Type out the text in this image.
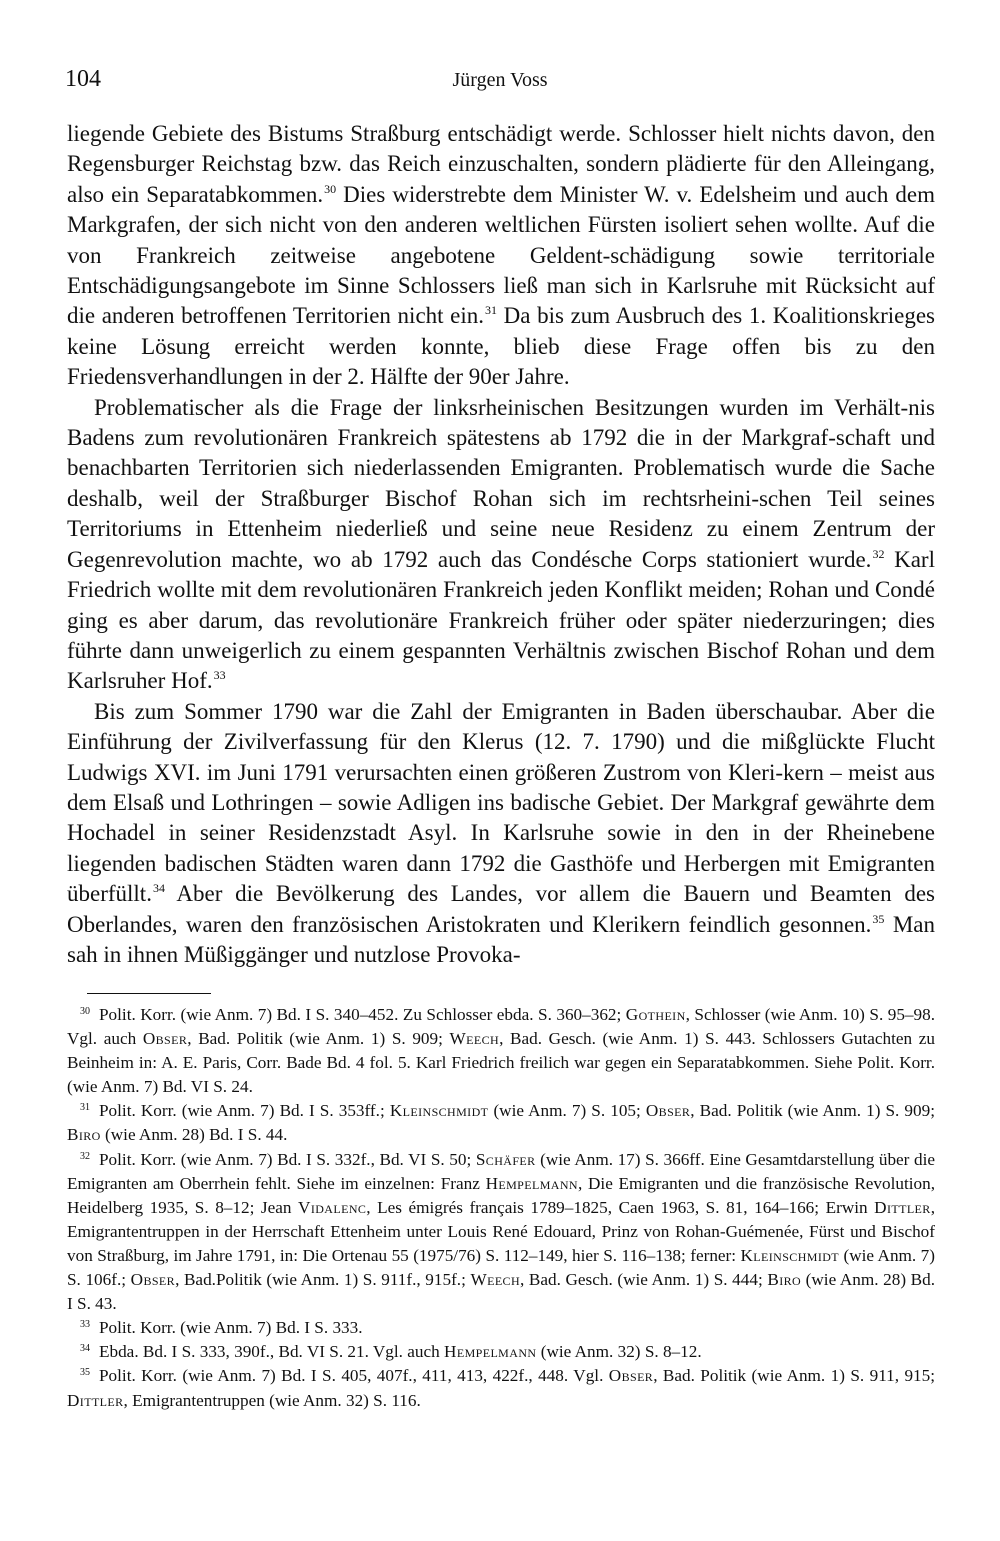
104	Jürgen Voss

liegende Gebiete des Bistums Straßburg entschädigt werde. Schlosser hielt nichts davon, den Regensburger Reichstag bzw. das Reich einzuschalten, sondern plädierte für den Alleingang, also ein Separatabkommen.$^{30}$ Dies widerstrebte dem Minister W. v. Edelsheim und auch dem Markgrafen, der sich nicht von den anderen weltlichen Fürsten isoliert sehen wollte. Auf die von Frankreich zeitweise angebotene Geldent-schädigung sowie territoriale Entschädigungsangebote im Sinne Schlossers ließ man sich in Karlsruhe mit Rücksicht auf die anderen betroffenen Territorien nicht ein.$^{31}$ Da bis zum Ausbruch des 1. Koalitionskrieges keine Lösung erreicht werden konnte, blieb diese Frage offen bis zu den Friedensverhandlungen in der 2. Hälfte der 90er Jahre.

Problematischer als die Frage der linksrheinischen Besitzungen wurden im Verhält-nis Badens zum revolutionären Frankreich spätestens ab 1792 die in der Markgraf-schaft und benachbarten Territorien sich niederlassenden Emigranten. Problematisch wurde die Sache deshalb, weil der Straßburger Bischof Rohan sich im rechtsrheini-schen Teil seines Territoriums in Ettenheim niederließ und seine neue Residenz zu einem Zentrum der Gegenrevolution machte, wo ab 1792 auch das Condésche Corps stationiert wurde.$^{32}$ Karl Friedrich wollte mit dem revolutionären Frankreich jeden Konflikt meiden; Rohan und Condé ging es aber darum, das revolutionäre Frankreich früher oder später niederzuringen; dies führte dann unweigerlich zu einem gespannten Verhältnis zwischen Bischof Rohan und dem Karlsruher Hof.$^{33}$

Bis zum Sommer 1790 war die Zahl der Emigranten in Baden überschaubar. Aber die Einführung der Zivilverfassung für den Klerus (12. 7. 1790) und die mißglückte Flucht Ludwigs XVI. im Juni 1791 verursachten einen größeren Zustrom von Kleri-kern – meist aus dem Elsaß und Lothringen – sowie Adligen ins badische Gebiet. Der Markgraf gewährte dem Hochadel in seiner Residenzstadt Asyl. In Karlsruhe sowie in den in der Rheinebene liegenden badischen Städten waren dann 1792 die Gasthöfe und Herbergen mit Emigranten überfüllt.$^{34}$ Aber die Bevölkerung des Landes, vor allem die Bauern und Beamten des Oberlandes, waren den französischen Aristokraten und Klerikern feindlich gesonnen.$^{35}$ Man sah in ihnen Müßiggänger und nutzlose Provoka-

$^{30}$ Polit. Korr. (wie Anm. 7) Bd. I S. 340–452. Zu Schlosser ebda. S. 360–362; Gothein, Schlosser (wie Anm. 10) S. 95–98. Vgl. auch Obser, Bad. Politik (wie Anm. 1) S. 909; Weech, Bad. Gesch. (wie Anm. 1) S. 443. Schlossers Gutachten zu Beinheim in: A. E. Paris, Corr. Bade Bd. 4 fol. 5. Karl Friedrich freilich war gegen ein Separatabkommen. Siehe Polit. Korr. (wie Anm. 7) Bd. VI S. 24.

$^{31}$ Polit. Korr. (wie Anm. 7) Bd. I S. 353ff.; Kleinschmidt (wie Anm. 7) S. 105; Obser, Bad. Politik (wie Anm. 1) S. 909; Biro (wie Anm. 28) Bd. I S. 44.

$^{32}$ Polit. Korr. (wie Anm. 7) Bd. I S. 332f., Bd. VI S. 50; Schäfer (wie Anm. 17) S. 366ff. Eine Gesamtdarstellung über die Emigranten am Oberrhein fehlt. Siehe im einzelnen: Franz Hempelmann, Die Emigranten und die französische Revolution, Heidelberg 1935, S. 8–12; Jean Vidalenc, Les émigrés français 1789–1825, Caen 1963, S. 81, 164–166; Erwin Dittler, Emigrantentruppen in der Herrschaft Ettenheim unter Louis René Edouard, Prinz von Rohan-Guémenée, Fürst und Bischof von Straßburg, im Jahre 1791, in: Die Ortenau 55 (1975/76) S. 112–149, hier S. 116–138; ferner: Kleinschmidt (wie Anm. 7) S. 106f.; Obser, Bad.Politik (wie Anm. 1) S. 911f., 915f.; Weech, Bad. Gesch. (wie Anm. 1) S. 444; Biro (wie Anm. 28) Bd. I S. 43.

$^{33}$ Polit. Korr. (wie Anm. 7) Bd. I S. 333.

$^{34}$ Ebda. Bd. I S. 333, 390f., Bd. VI S. 21. Vgl. auch Hempelmann (wie Anm. 32) S. 8–12.

$^{35}$ Polit. Korr. (wie Anm. 7) Bd. I S. 405, 407f., 411, 413, 422f., 448. Vgl. Obser, Bad. Politik (wie Anm. 1) S. 911, 915; Dittler, Emigrantentruppen (wie Anm. 32) S. 116.
